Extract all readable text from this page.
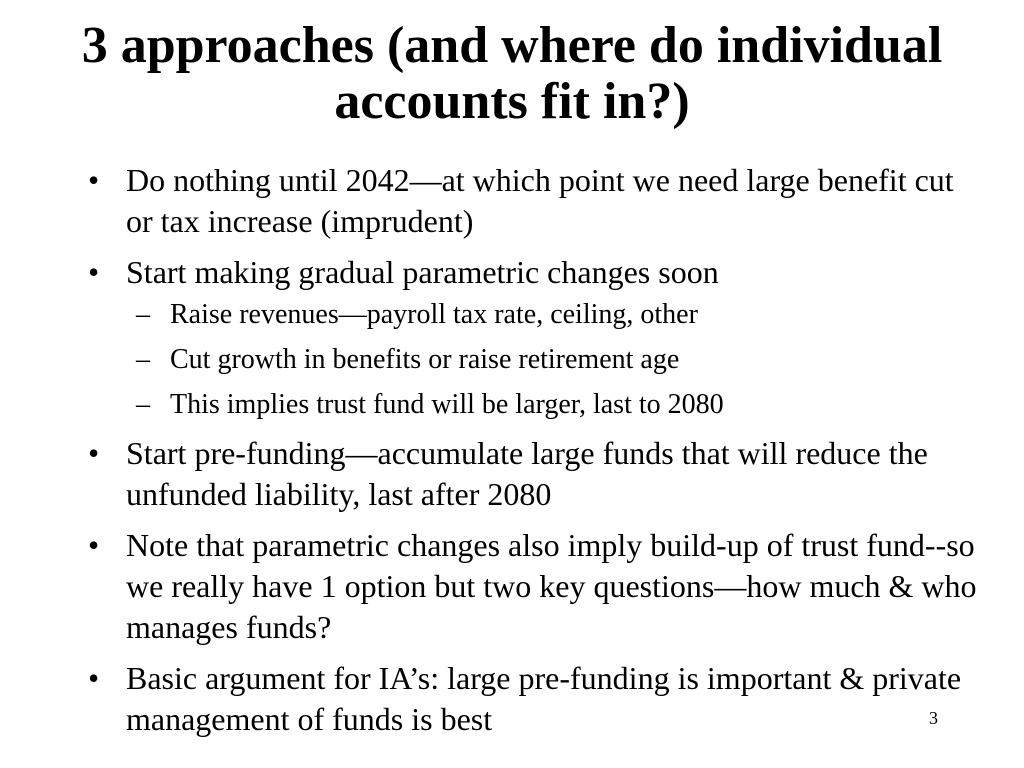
3 approaches (and where do individual accounts fit in?)
• Do nothing until 2042—at which point we need large benefit cut or tax increase (imprudent)
• Start making gradual parametric changes soon
– Raise revenues—payroll tax rate, ceiling, other
– Cut growth in benefits or raise retirement age
– This implies trust fund will be larger, last to 2080
• Start pre-funding—accumulate large funds that will reduce the unfunded liability, last after 2080
• Note that parametric changes also imply build-up of trust fund--so we really have 1 option but two key questions—how much & who manages funds?
• Basic argument for IA’s: large pre-funding is important & private management of funds is best	3
